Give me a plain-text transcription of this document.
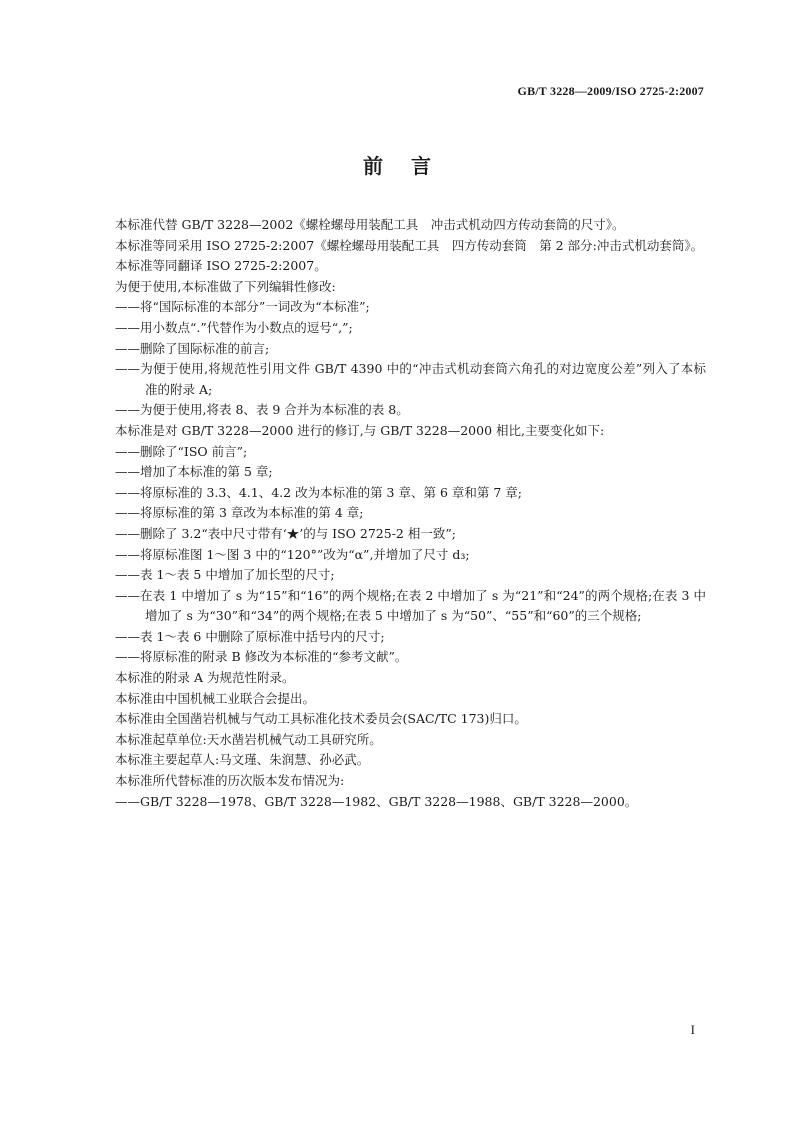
GB/T 3228—2009/ISO 2725-2:2007
前言

本标准代替 GB/T 3228—2002《螺栓螺母用装配工具　冲击式机动四方传动套筒的尺寸》。

本标准等同采用 ISO 2725-2:2007《螺栓螺母用装配工具　四方传动套筒　第 2 部分:冲击式机动套筒》。

本标准等同翻译 ISO 2725-2:2007。

为便于使用,本标准做了下列编辑性修改:

——将“国际标准的本部分”一词改为“本标准”;

——用小数点“.”代替作为小数点的逗号“,”;

——删除了国际标准的前言;

——为便于使用,将规范性引用文件 GB/T 4390 中的“冲击式机动套筒六角孔的对边宽度公差”列入了本标准的附录 A;

——为便于使用,将表 8、表 9 合并为本标准的表 8。

本标准是对 GB/T 3228—2000 进行的修订,与 GB/T 3228—2000 相比,主要变化如下:

——删除了“ISO 前言”;

——增加了本标准的第 5 章;

——将原标准的 3.3、4.1、4.2 改为本标准的第 3 章、第 6 章和第 7 章;

——将原标准的第 3 章改为本标准的第 4 章;

——删除了 3.2“表中尺寸带有‘★’的与 ISO 2725-2 相一致”;

——将原标准图 1～图 3 中的“120°”改为“α”,并增加了尺寸 d₃;

——表 1～表 5 中增加了加长型的尺寸;

——在表 1 中增加了 s 为“15”和“16”的两个规格;在表 2 中增加了 s 为“21”和“24”的两个规格;在表 3 中增加了 s 为“30”和“34”的两个规格;在表 5 中增加了 s 为“50”、“55”和“60”的三个规格;

——表 1～表 6 中删除了原标准中括号内的尺寸;

——将原标准的附录 B 修改为本标准的“参考文献”。

本标准的附录 A 为规范性附录。

本标准由中国机械工业联合会提出。

本标准由全国凿岩机械与气动工具标准化技术委员会(SAC/TC 173)归口。

本标准起草单位:天水凿岩机械气动工具研究所。

本标准主要起草人:马文瑾、朱润慧、孙必武。

本标准所代替标准的历次版本发布情况为:

——GB/T 3228—1978、GB/T 3228—1982、GB/T 3228—1988、GB/T 3228—2000。

I
